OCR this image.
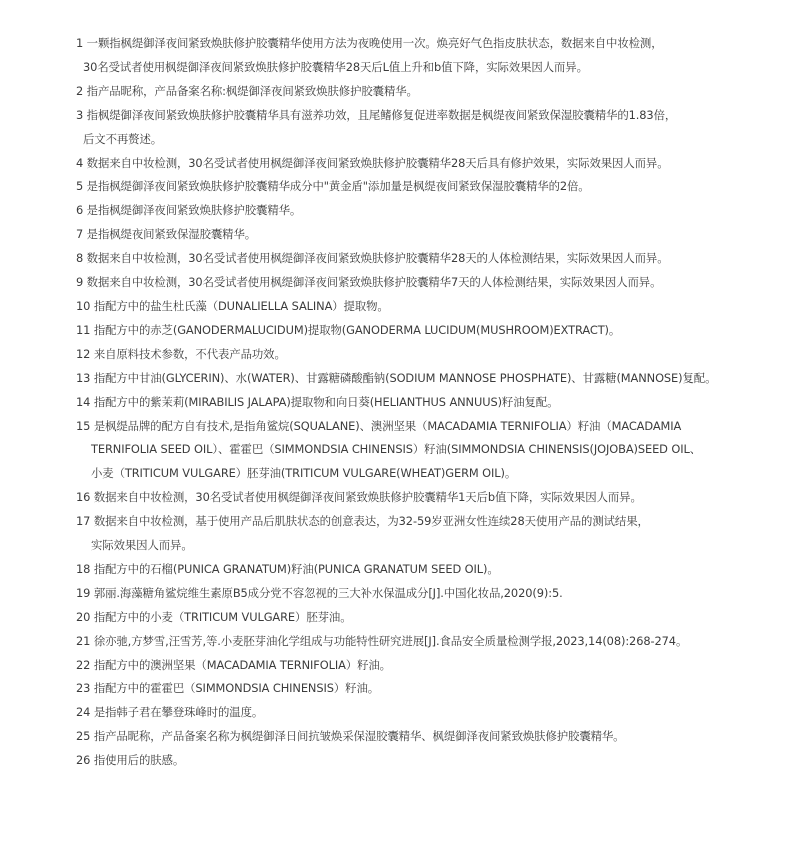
1 一颗指枫缇御泽夜间紧致焕肤修护胶囊精华使用方法为夜晚使用一次。焕亮好气色指皮肤状态，数据来自中妆检测，
30名受试者使用枫缇御泽夜间紧致焕肤修护胶囊精华28天后L值上升和b值下降，实际效果因人而异。
2 指产品昵称，产品备案名称:枫缇御泽夜间紧致焕肤修护胶囊精华。
3 指枫缇御泽夜间紧致焕肤修护胶囊精华具有滋养功效，且尾鳍修复促进率数据是枫缇夜间紧致保湿胶囊精华的1.83倍，
后文不再赘述。
4 数据来自中妆检测，30名受试者使用枫缇御泽夜间紧致焕肤修护胶囊精华28天后具有修护效果，实际效果因人而异。
5 是指枫缇御泽夜间紧致焕肤修护胶囊精华成分中"黄金盾"添加量是枫缇夜间紧致保湿胶囊精华的2倍。
6 是指枫缇御泽夜间紧致焕肤修护胶囊精华。
7 是指枫缇夜间紧致保湿胶囊精华。
8 数据来自中妆检测，30名受试者使用枫缇御泽夜间紧致焕肤修护胶囊精华28天的人体检测结果，实际效果因人而异。
9 数据来自中妆检测，30名受试者使用枫缇御泽夜间紧致焕肤修护胶囊精华7天的人体检测结果，实际效果因人而异。
10 指配方中的盐生杜氏藻（DUNALIELLA SALINA）提取物。
11 指配方中的赤芝(GANODERMALUCIDUM)提取物(GANODERMA LUCIDUM(MUSHROOM)EXTRACT)。
12 来自原料技术参数，不代表产品功效。
13 指配方中甘油(GLYCERIN)、水(WATER)、甘露糖磷酸酯钠(SODIUM MANNOSE PHOSPHATE)、甘露糖(MANNOSE)复配。
14 指配方中的紫茉莉(MIRABILIS JALAPA)提取物和向日葵(HELIANTHUS ANNUUS)籽油复配。
15 是枫缇品牌的配方自有技术,是指角鲨烷(SQUALANE)、澳洲坚果（MACADAMIA TERNIFOLIA）籽油（MACADAMIA
TERNIFOLIA SEED OIL）、霍霍巴（SIMMONDSIA CHINENSIS）籽油(SIMMONDSIA CHINENSIS(JOJOBA)SEED OIL、
小麦（TRITICUM VULGARE）胚芽油(TRITICUM VULGARE(WHEAT)GERM OIL)。
16 数据来自中妆检测，30名受试者使用枫缇御泽夜间紧致焕肤修护胶囊精华1天后b值下降，实际效果因人而异。
17 数据来自中妆检测，基于使用产品后肌肤状态的创意表达，为32-59岁亚洲女性连续28天使用产品的测试结果，
实际效果因人而异。
18 指配方中的石榴(PUNICA GRANATUM)籽油(PUNICA GRANATUM SEED OIL)。
19 郭丽.海藻糖角鲨烷维生素原B5成分党不容忽视的三大补水保温成分[J].中国化妆品,2020(9):5.
20 指配方中的小麦（TRITICUM VULGARE）胚芽油。
21 徐亦驰,方梦雪,汪雪芳,等.小麦胚芽油化学组成与功能特性研究进展[J].食品安全质量检测学报,2023,14(08):268-274。
22 指配方中的澳洲坚果（MACADAMIA TERNIFOLIA）籽油。
23 指配方中的霍霍巴（SIMMONDSIA CHINENSIS）籽油。
24 是指韩子君在攀登珠峰时的温度。
25 指产品昵称，产品备案名称为枫缇御泽日间抗皱焕采保湿胶囊精华、枫缇御泽夜间紧致焕肤修护胶囊精华。
26 指使用后的肤感。
